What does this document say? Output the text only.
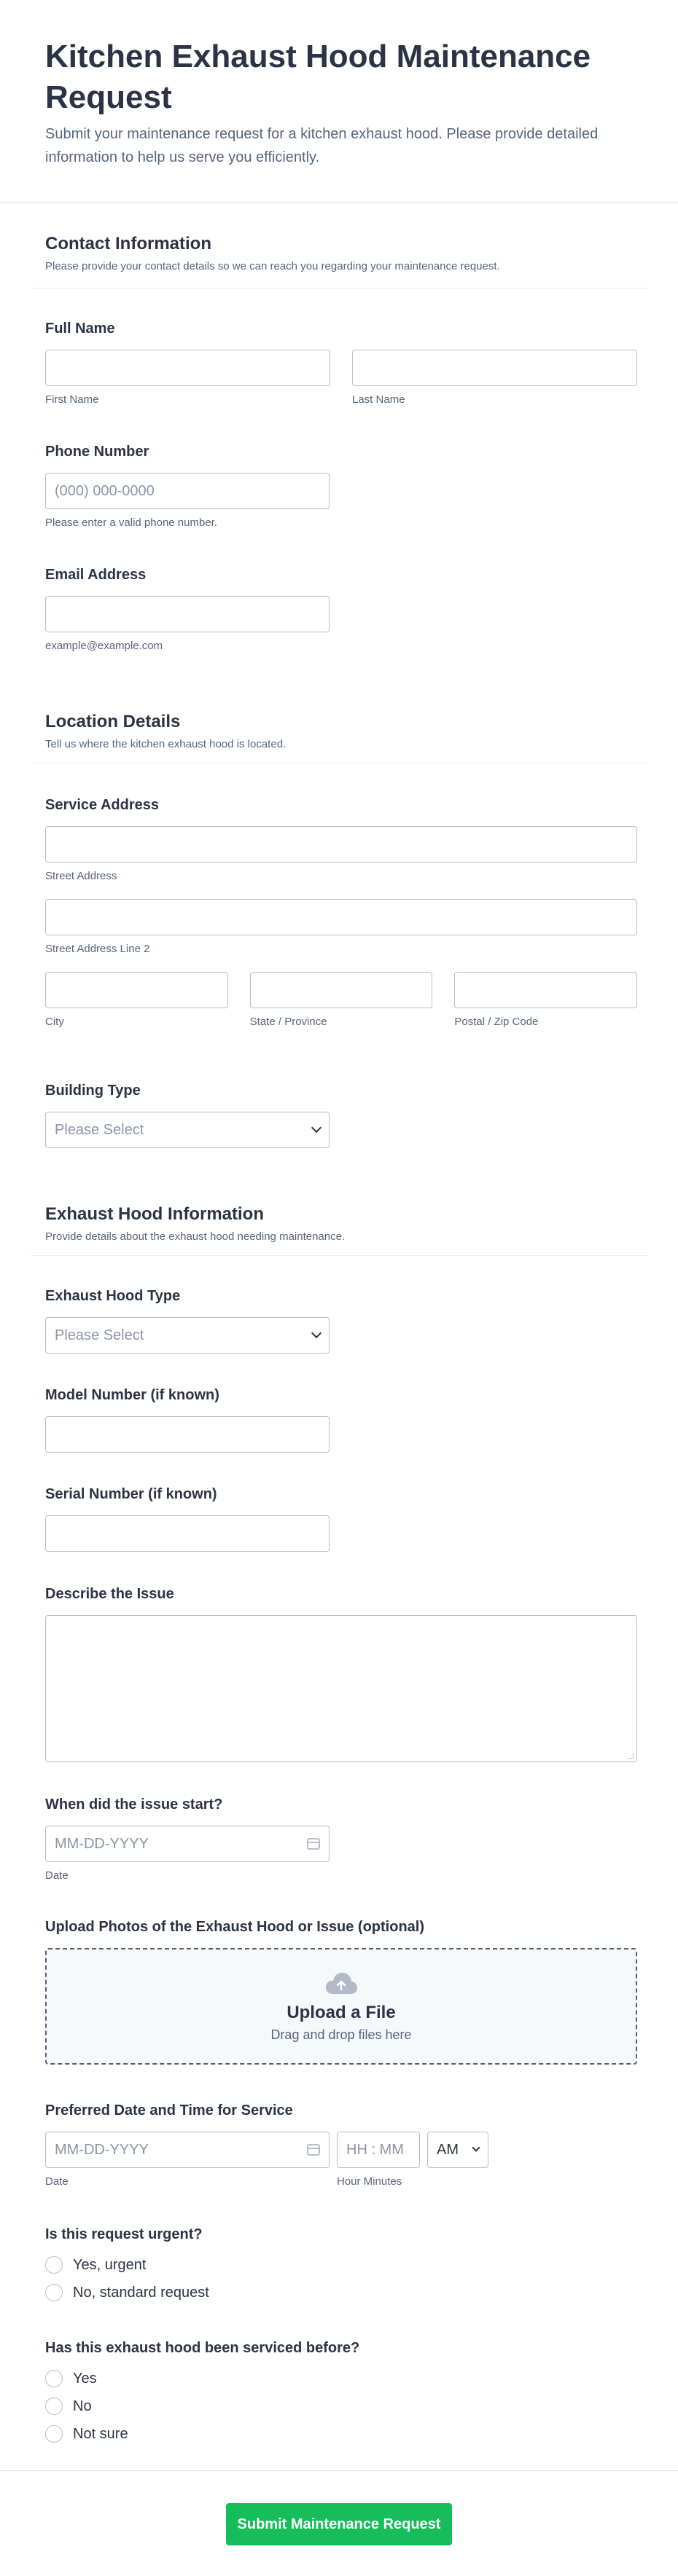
Kitchen Exhaust Hood Maintenance Request

Submit your maintenance request for a kitchen exhaust hood. Please provide detailed information to help us serve you efficiently.

Contact Information
Please provide your contact details so we can reach you regarding your maintenance request.
Full Name
First Name	Last Name
Phone Number
(000) 000-0000
Please enter a valid phone number.
Email Address
example@example.com
Location Details
Tell us where the kitchen exhaust hood is located.
Service Address
Street Address
Street Address Line 2
City	State / Province	Postal / Zip Code
Building Type
Please Select
Exhaust Hood Information
Provide details about the exhaust hood needing maintenance.
Exhaust Hood Type
Please Select
Model Number (if known)
Serial Number (if known)
Describe the Issue
When did the issue start?
MM-DD-YYYY
Date
Upload Photos of the Exhaust Hood or Issue (optional)
Upload a File
Drag and drop files here
Preferred Date and Time for Service
MM-DD-YYYY
Date
HH : MM
Hour Minutes
AM
Is this request urgent?
Yes, urgent
No, standard request
Has this exhaust hood been serviced before?
Yes
No
Not sure
Submit Maintenance Request
